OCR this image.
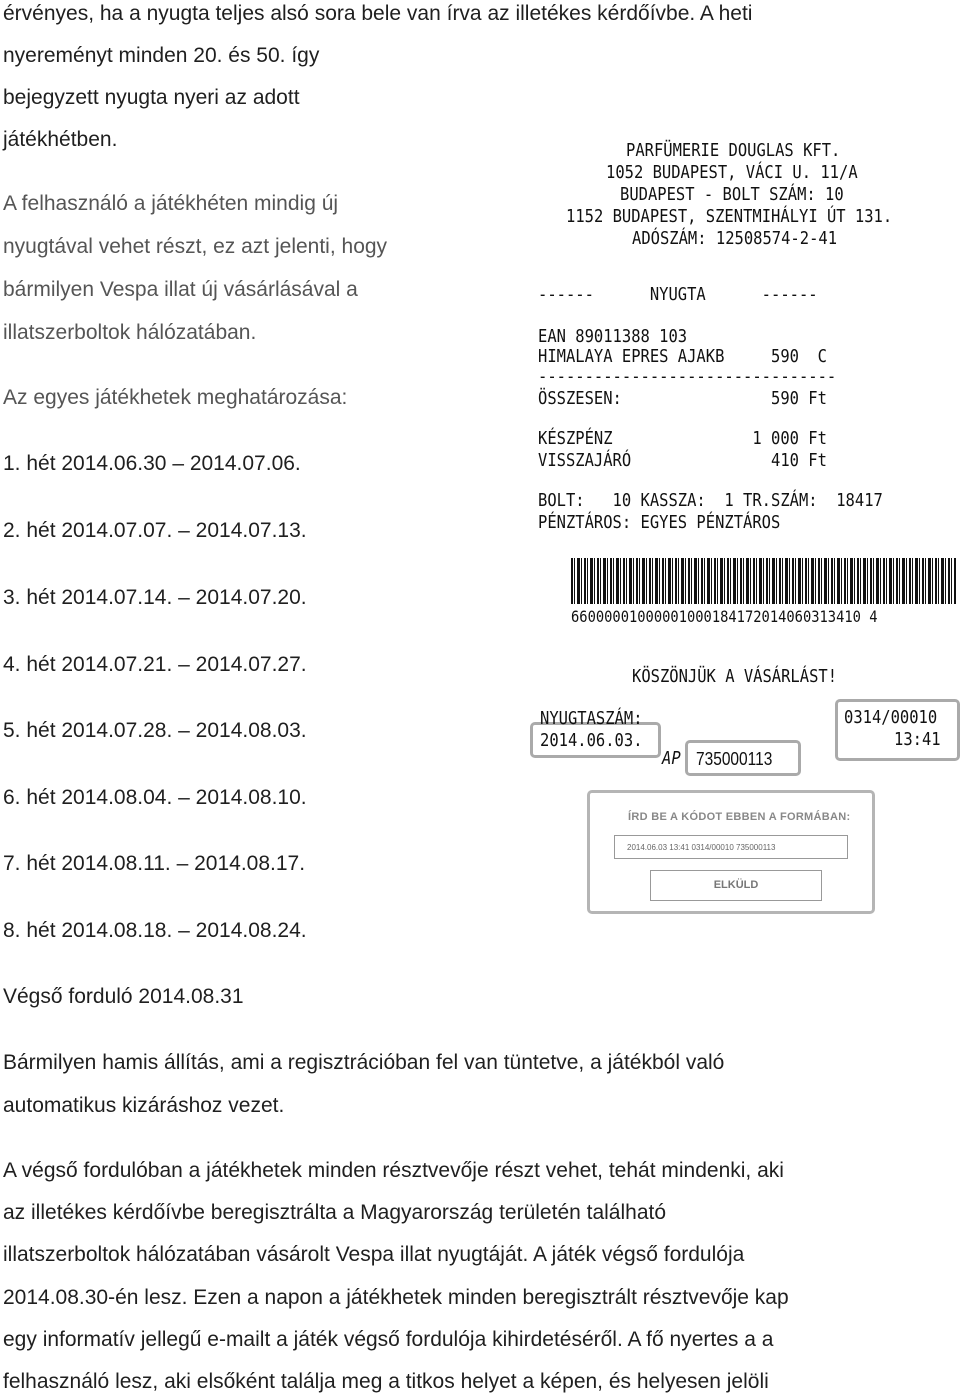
érvényes, ha a nyugta teljes alsó sora bele van írva az illetékes kérdőívbe. A heti
nyereményt minden 20. és 50. így
bejegyzett nyugta nyeri az adott
játékhétben.
A felhasználó a játékhéten mindig új
nyugtával vehet részt, ez azt jelenti, hogy
bármilyen Vespa illat új vásárlásával a
illatszerboltok hálózatában.
Az egyes játékhetek meghatározása:
1. hét 2014.06.30 – 2014.07.06.
2. hét 2014.07.07. – 2014.07.13.
3. hét 2014.07.14. – 2014.07.20.
4. hét 2014.07.21. – 2014.07.27.
5. hét 2014.07.28. – 2014.08.03.
6. hét 2014.08.04. – 2014.08.10.
7. hét 2014.08.11. – 2014.08.17.
8. hét 2014.08.18. – 2014.08.24.
Végső forduló 2014.08.31
Bármilyen hamis állítás, ami a regisztrációban fel van tüntetve, a játékból való
automatikus kizáráshoz vezet.
A végső fordulóban a játékhetek minden résztvevője részt vehet, tehát mindenki, aki
az illetékes kérdőívbe beregisztrálta a Magyarország területén található
illatszerboltok hálózatában vásárolt Vespa illat nyugtáját. A játék végső fordulója
2014.08.30-én lesz. Ezen a napon a játékhetek minden beregisztrált résztvevője kap
egy informatív jellegű e-mailt a játék végső fordulója kihirdetéséről. A fő nyertes a a
felhasználó lesz, aki elsőként találja meg a titkos helyet a képen, és helyesen jelöli
PARFÜMERIE DOUGLAS KFT.
1052 BUDAPEST, VÁCI U. 11/A
BUDAPEST - BOLT SZÁM: 10
1152 BUDAPEST, SZENTMIHÁLYI ÚT 131.
ADÓSZÁM: 12508574-2-41
------      NYUGTA      ------
EAN 89011388 103
HIMALAYA EPRES AJAKB     590  C
--------------------------------
ÖSSZESEN:                590 Ft
KÉSZPÉNZ               1 000 Ft
VISSZAJÁRÓ               410 Ft
BOLT:   10 KASSZA:  1 TR.SZÁM:  18417
PÉNZTÁROS: EGYES PÉNZTÁROS
66000001000001000184172014060313410 4
KÖSZÖNJÜK A VÁSÁRLÁST!
NYUGTASZÁM:
2014.06.03.
0314/00010
13:41
AP 735000113
ÍRD BE A KÓDOT EBBEN A FORMÁBAN:
2014.06.03 13:41 0314/00010 735000113
ELKÜLD
